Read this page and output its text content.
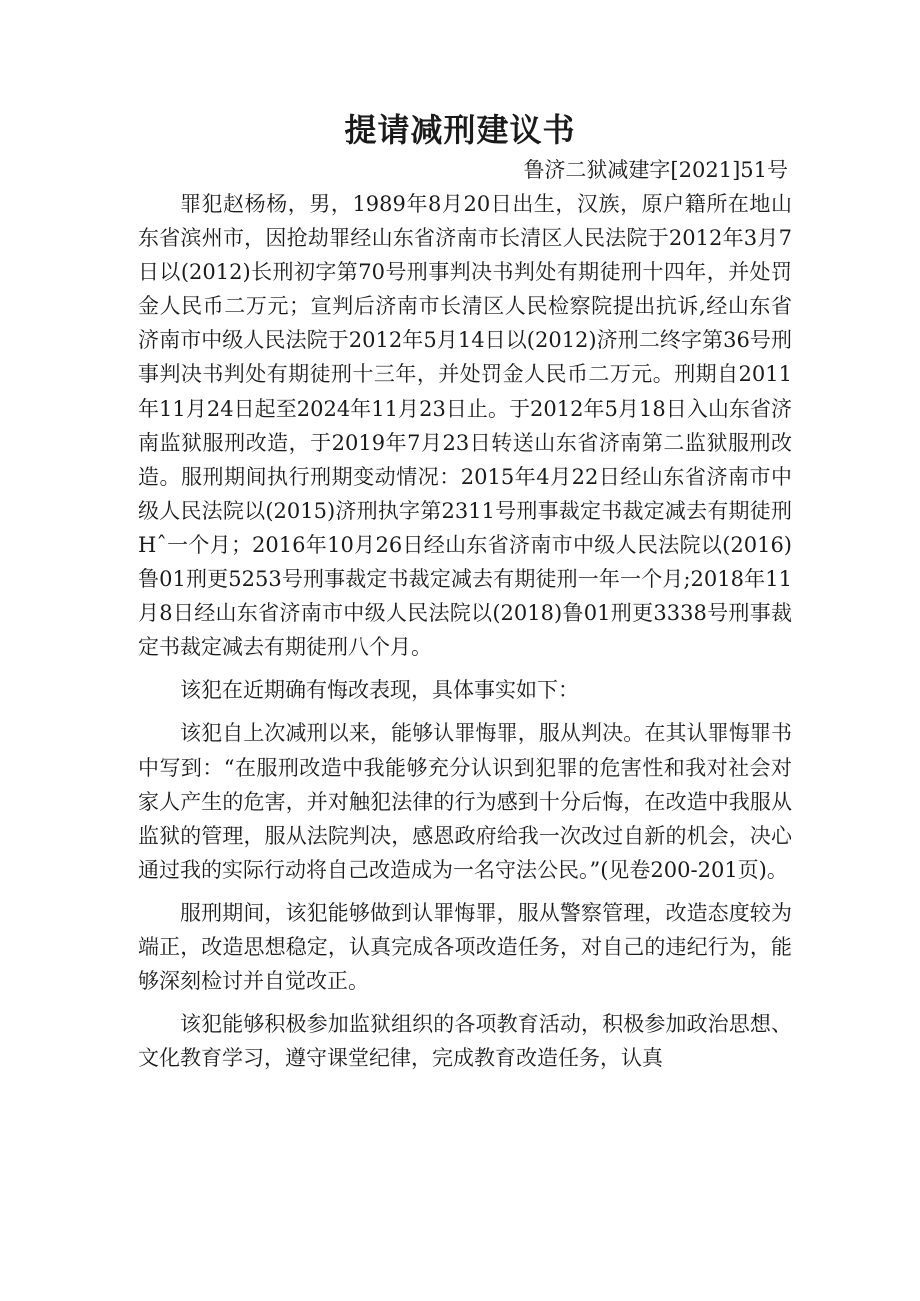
提请减刑建议书
鲁济二狱减建字[2021]51号

罪犯赵杨杨，男，1989年8月20日出生，汉族，原户籍所在地山东省滨州市，因抢劫罪经山东省济南市长清区人民法院于2012年3月7日以(2012)长刑初字第70号刑事判决书判处有期徒刑十四年，并处罚金人民币二万元；宣判后济南市长清区人民检察院提出抗诉,经山东省济南市中级人民法院于2012年5月14日以(2012)济刑二终字第36号刑事判决书判处有期徒刑十三年，并处罚金人民币二万元。刑期自2011年11月24日起至2024年11月23日止。于2012年5月18日入山东省济南监狱服刑改造，于2019年7月23日转送山东省济南第二监狱服刑改造。服刑期间执行刑期变动情况：2015年4月22日经山东省济南市中级人民法院以(2015)济刑执字第2311号刑事裁定书裁定减去有期徒刑Hˆ一个月；2016年10月26日经山东省济南市中级人民法院以(2016)鲁01刑更5253号刑事裁定书裁定减去有期徒刑一年一个月;2018年11月8日经山东省济南市中级人民法院以(2018)鲁01刑更3338号刑事裁定书裁定减去有期徒刑八个月。

该犯在近期确有悔改表现，具体事实如下：

该犯自上次减刑以来，能够认罪悔罪，服从判决。在其认罪悔罪书中写到：“在服刑改造中我能够充分认识到犯罪的危害性和我对社会对家人产生的危害，并对触犯法律的行为感到十分后悔，在改造中我服从监狱的管理，服从法院判决，感恩政府给我一次改过自新的机会，决心通过我的实际行动将自己改造成为一名守法公民。”(见卷200-201页)。

服刑期间，该犯能够做到认罪悔罪，服从警察管理，改造态度较为端正，改造思想稳定，认真完成各项改造任务，对自己的违纪行为，能够深刻检讨并自觉改正。

该犯能够积极参加监狱组织的各项教育活动，积极参加政治思想、文化教育学习，遵守课堂纪律，完成教育改造任务，认真
